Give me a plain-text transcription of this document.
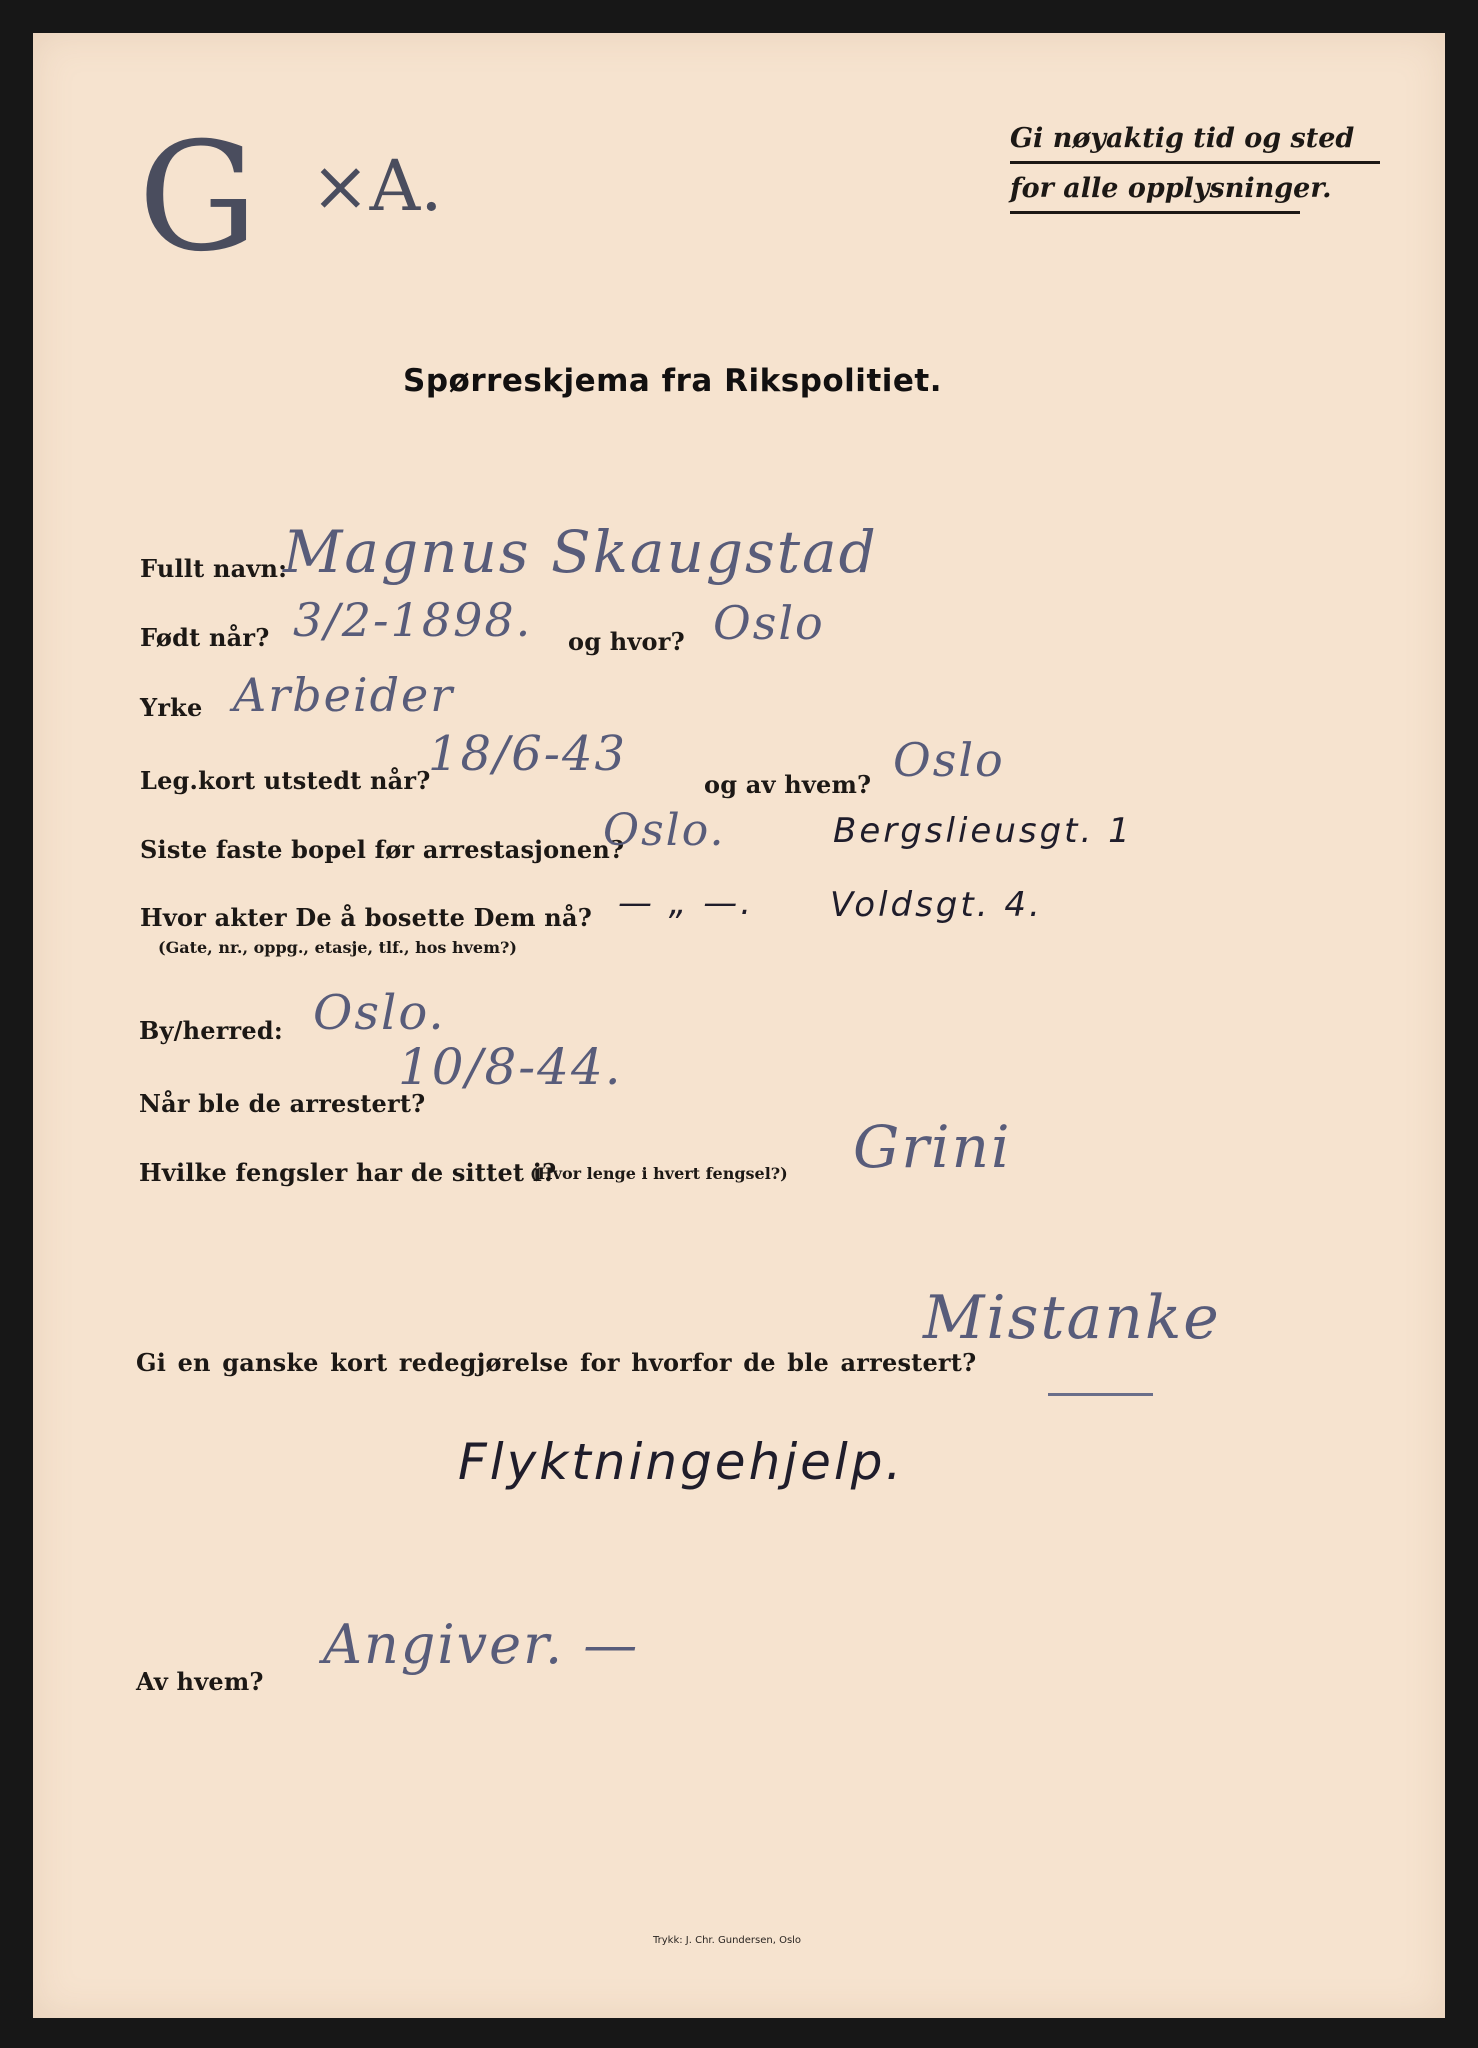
G ×A.
Gi nøyaktig tid og sted
for alle opplysninger.
Spørreskjema fra Rikspolitiet.
Fullt navn:
Magnus Skaugstad
Født når? 3/2-1898. og hvor? Oslo
Yrke Arbeider
Leg.kort utstedt når?
18/6-43
og av hvem? Oslo
Siste faste bopel før arrestasjonen?
Oslo.	Bergslieusgt. 1
Hvor akter De å bosette Dem nå?
(Gate, nr., oppg., etasje, tlf., hos hvem?)
— „ —. Voldsgt. 4.
By/herred: Oslo.
Når ble de arrestert?
10/8-44.
Hvilke fengsler har de sittet i?
(Hvor lenge i hvert fengsel?) Grini
Gi en ganske kort redegjørelse for hvorfor de ble arrestert?
Mistanke
Flyktningehjelp.
Av hvem?
Angiver. —
Trykk: J. Chr. Gundersen, Oslo
